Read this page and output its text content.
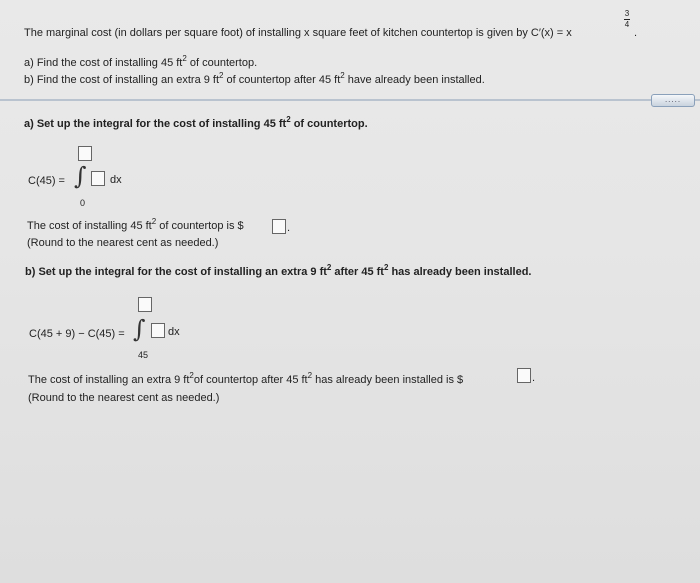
The marginal cost (in dollars per square foot) of installing x square feet of kitchen countertop is given by C′(x) = x
3
4
.
a) Find the cost of installing 45 $ft^2$ of countertop.
b) Find the cost of installing an extra 9 $ft^2$ of countertop after 45 $ft^2$ have already been installed.
.....
a) Set up the integral for the cost of installing 45 $ft^2$ of countertop.
C(45) = ∫ dx
0
The cost of installing 45 $ft^2$ of countertop is $	.
(Round to the nearest cent as needed.)
b) Set up the integral for the cost of installing an extra 9 $ft^2$ after 45 $ft^2$ has already been installed.
C(45 + 9) − C(45) = ∫ dx
45
The cost of installing an extra 9 $ft^2of$ countertop after 45 $ft^2$ has already been installed is $	.
(Round to the nearest cent as needed.)
